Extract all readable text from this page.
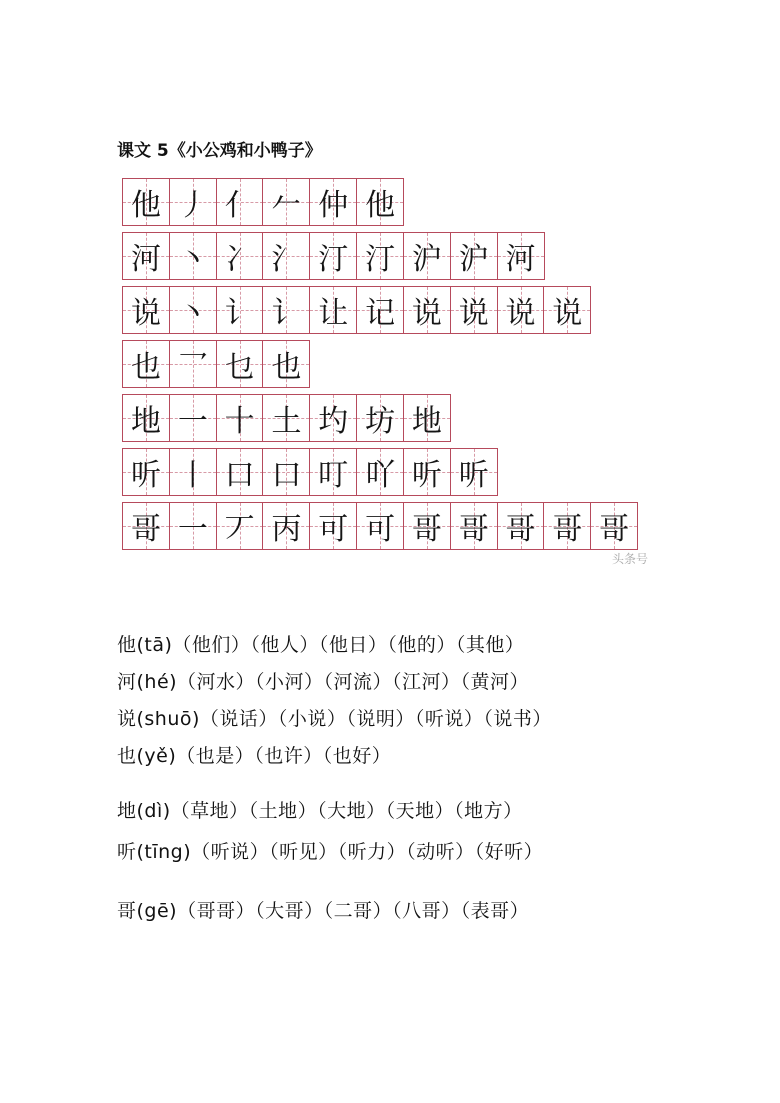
课文 5《小公鸡和小鸭子》
他 丿 亻 𠂉 仲 他
河 丶 冫 氵 汀 汀 沪 沪 河
说 丶 讠 讠 让 记 说 说 说 说
也 乛 乜 也
地 一 十 土 圴 坊 地
听 丨 口 口 叮 吖 听 听
哥 一 丆 丙 可 可 哥 哥 哥 哥 哥
头条号
他(tā)（他们）（他人）（他日）（他的）（其他）
河(hé)（河水）（小河）（河流）（江河）（黄河）
说(shuō)（说话）（小说）（说明）（听说）（说书）
也(yě)（也是）（也许）（也好）
地(dì)（草地）（土地）（大地）（天地）（地方）
听(tīng)（听说）（听见）（听力）（动听）（好听）
哥(gē)（哥哥）（大哥）（二哥）（八哥）（表哥）
